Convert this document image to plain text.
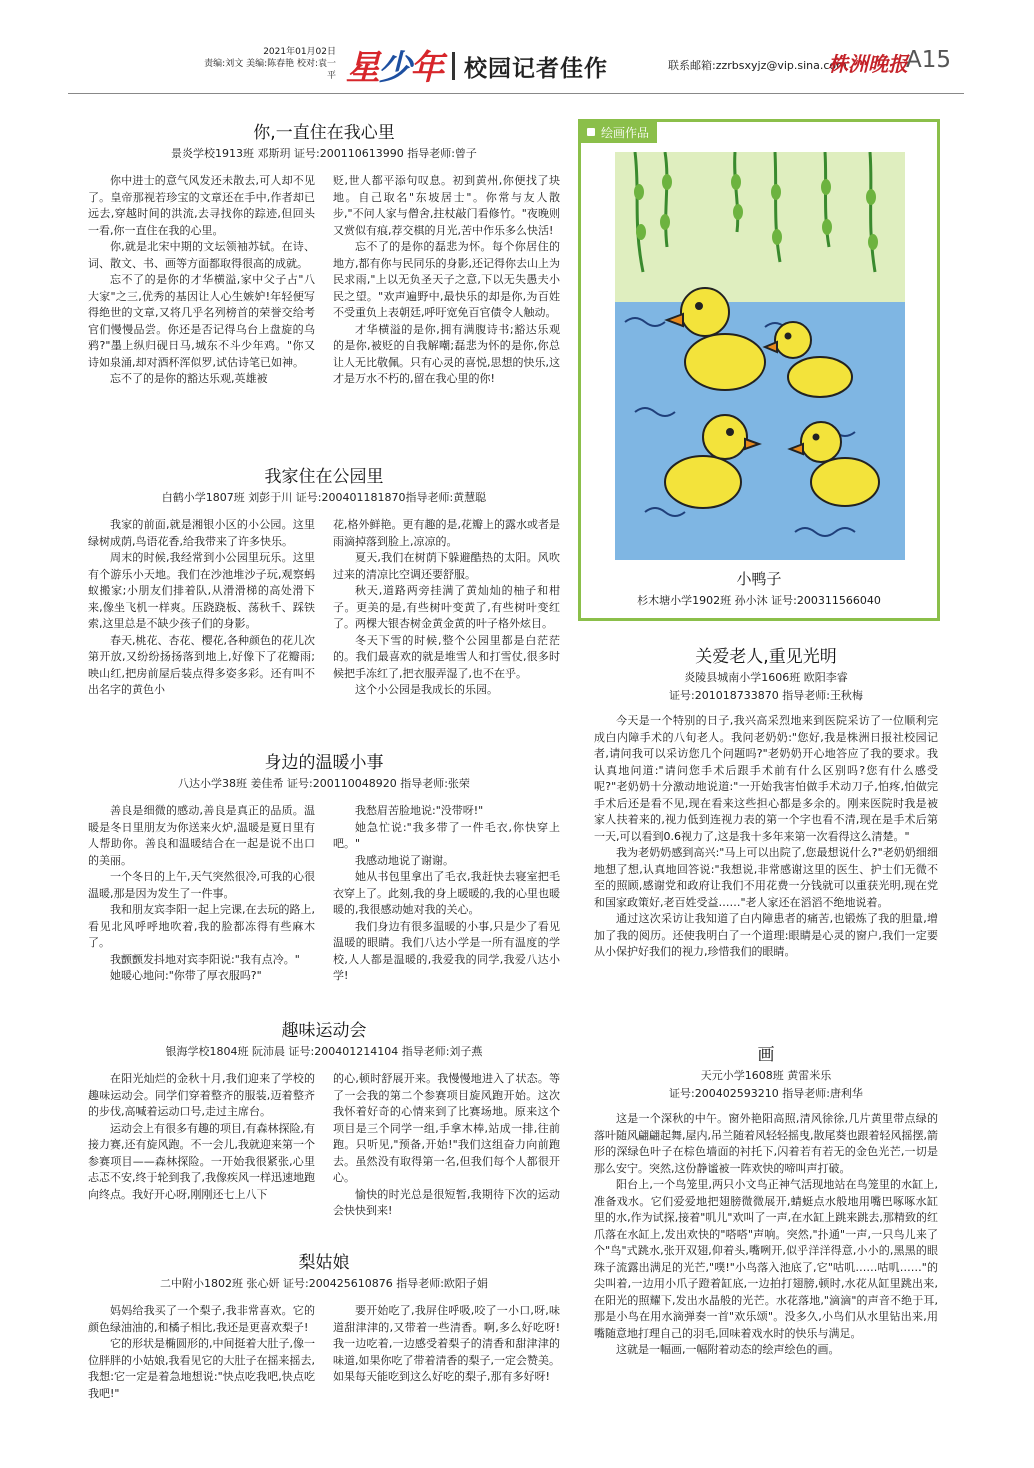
2021年01月02日
责编:刘文 美编:陈春艳 校对:袁一平 星少年 校园记者佳作	联系邮箱:zzrbsxyjz@vip.sina.com
株洲晚报
A15
你,一直住在我心里
景炎学校1913班 邓斯玥 证号:200110613990 指导老师:曾子

你中进士的意气风发还未散去,可人却不见了。皇帝那视若珍宝的文章还在手中,作者却已远去,穿越时间的洪流,去寻找你的踪迹,但回头一看,你一直住在我的心里。

你,就是北宋中期的文坛领袖苏轼。在诗、词、散文、书、画等方面都取得很高的成就。

忘不了的是你的才华横溢,家中父子占"八大家"之三,优秀的基因让人心生嫉妒!年轻便写得绝世的文章,又将几乎名列榜首的荣誉交给考官们慢慢品尝。你还是否记得乌台上盘旋的乌鸦?"墨上纵归砚日马,城东不斗少年鸡。"你又诗如泉涌,却对酒杯浑似罗,试估诗笔已如神。

忘不了的是你的豁达乐观,英雄被

贬,世人都平添句叹息。初到黄州,你便找了块地。自己取名"东坡居士"。你常与友人散步,"不问人家与僧舍,拄杖敲门看修竹。"夜晚则又赏似有痕,荐交棋的月光,苦中作乐多么快活!

忘不了的是你的磊悲为怀。每个你居住的地方,都有你与民同乐的身影,还记得你去山上为民求雨,"上以无负圣天子之意,下以无失愚夫小民之望。"欢声遍野中,最快乐的却是你,为百姓不受重负上表朝廷,呼吁宽免百官债令人触动。

才华横溢的是你,拥有满腹诗书;豁达乐观的是你,被贬的自我解嘲;磊悲为怀的是你,你总让人无比敬佩。只有心灵的喜悦,思想的快乐,这才是万水不朽的,留在我心里的你!

我家住在公园里
白鹤小学1807班 刘彭于川 证号:200401181870指导老师:黄慧聪

我家的前面,就是湘银小区的小公园。这里绿树成荫,鸟语花香,给我带来了许多快乐。

周末的时候,我经常到小公园里玩乐。这里有个游乐小天地。我们在沙池堆沙子玩,观察蚂蚁搬家;小朋友们排着队,从滑滑梯的高处滑下来,像坐飞机一样爽。压跷跷板、荡秋千、踩铁索,这里总是不缺少孩子们的身影。

春天,桃花、杏花、樱花,各种颜色的花儿次第开放,又纷纷扬扬落到地上,好像下了花瓣雨;映山红,把房前屋后装点得多姿多彩。还有叫不出名字的黄色小

花,格外鲜艳。更有趣的是,花瓣上的露水或者是雨滴掉落到脸上,凉凉的。

夏天,我们在树荫下躲避酷热的太阳。风吹过来的清凉比空调还要舒服。

秋天,道路两旁挂满了黄灿灿的柚子和柑子。更美的是,有些树叶变黄了,有些树叶变红了。两棵大银杏树金黄金黄的叶子格外炫目。

冬天下雪的时候,整个公园里都是白茫茫的。我们最喜欢的就是堆雪人和打雪仗,很多时候把手冻红了,把衣服弄湿了,也不在乎。

这个小公园是我成长的乐园。

身边的温暖小事
八达小学38班 姜佳希 证号:200110048920 指导老师:张荣

善良是细微的感动,善良是真正的品质。温暖是冬日里朋友为你送来火炉,温暖是夏日里有人帮助你。善良和温暖结合在一起是说不出口的美丽。

一个冬日的上午,天气突然很冷,可我的心很温暖,那是因为发生了一件事。

我和朋友宾李阳一起上完课,在去玩的路上,看见北风呼呼地吹着,我的脸都冻得有些麻木了。

我颤颤发抖地对宾李阳说:"我有点冷。"

她暖心地问:"你带了厚衣服吗?"

我愁眉苦脸地说:"没带呀!"

她急忙说:"我多带了一件毛衣,你快穿上吧。"

我感动地说了谢谢。

她从书包里拿出了毛衣,我赶快去寝室把毛衣穿上了。此刻,我的身上暖暖的,我的心里也暖暖的,我很感动她对我的关心。

我们身边有很多温暖的小事,只是少了看见温暖的眼睛。我们八达小学是一所有温度的学校,人人都是温暖的,我爱我的同学,我爱八达小学!

趣味运动会
银海学校1804班 阮沛晨 证号:200401214104 指导老师:刘子燕

在阳光灿烂的金秋十月,我们迎来了学校的趣味运动会。同学们穿着整齐的服装,迈着整齐的步伐,高喊着运动口号,走过主席台。

运动会上有很多有趣的项目,有森林探险,有接力赛,还有旋风跑。不一会儿,我就迎来第一个参赛项目——森林探险。一开始我很紧张,心里忐忑不安,终于轮到我了,我像疾风一样迅速地跑向终点。我好开心呀,刚刚还七上八下

的心,顿时舒展开来。我慢慢地进入了状态。等了一会我的第二个参赛项目旋风跑开始。这次我怀着好奇的心情来到了比赛场地。原来这个项目是三个同学一组,手拿木棒,站成一排,往前跑。只听见,"预备,开始!"我们这组奋力向前跑去。虽然没有取得第一名,但我们每个人都很开心。

愉快的时光总是很短暂,我期待下次的运动会快快到来!

梨姑娘
二中附小1802班 张心妍 证号:200425610876 指导老师:欧阳子娟

妈妈给我买了一个梨子,我非常喜欢。它的颜色绿油油的,和橘子相比,我还是更喜欢梨子!

它的形状是椭圆形的,中间挺着大肚子,像一位胖胖的小姑娘,我看见它的大肚子在摇来摇去,我想:它一定是着急地想说:"快点吃我吧,快点吃我吧!"

要开始吃了,我屏住呼吸,咬了一小口,呀,味道甜津津的,又带着一些清香。啊,多么好吃呀!我一边吃着,一边感受着梨子的清香和甜津津的味道,如果你吃了带着清香的梨子,一定会赞美。如果每天能吃到这么好吃的梨子,那有多好呀!

绘画作品
小鸭子
杉木塘小学1902班 孙小沐 证号:200311566040
关爱老人,重见光明
炎陵县城南小学1606班 欧阳李睿
证号:201018733870 指导老师:王秋梅

今天是一个特别的日子,我兴高采烈地来到医院采访了一位顺利完成白内障手术的八旬老人。我问老奶奶:"您好,我是株洲日报社校园记者,请问我可以采访您几个问题吗?"老奶奶开心地答应了我的要求。我认真地问道:"请问您手术后跟手术前有什么区别吗?您有什么感受呢?"老奶奶十分激动地说道:"一开始我害怕做手术动刀子,怕疼,怕做完手术后还是看不见,现在看来这些担心都是多余的。刚来医院时我是被家人扶着来的,视力低到连视力表的第一个字也看不清,现在是手术后第一天,可以看到0.6视力了,这是我十多年来第一次看得这么清楚。"

我为老奶奶感到高兴:"马上可以出院了,您最想说什么?"老奶奶细细地想了想,认真地回答说:"我想说,非常感谢这里的医生、护士们无微不至的照顾,感谢党和政府让我们不用花费一分钱就可以重获光明,现在党和国家政策好,老百姓受益……"老人家还在滔滔不绝地说着。

通过这次采访让我知道了白内障患者的痛苦,也锻炼了我的胆量,增加了我的阅历。还使我明白了一个道理:眼睛是心灵的窗户,我们一定要从小保护好我们的视力,珍惜我们的眼睛。

画
天元小学1608班 黄雷米乐
证号:200402593210 指导老师:唐利华

这是一个深秋的中午。窗外艳阳高照,清风徐徐,几片黄里带点绿的落叶随风翩翩起舞,屋内,吊兰随着风轻轻摇曳,散尾葵也跟着轻风摇摆,箭形的深绿色叶子在棕色墙面的衬托下,闪着若有若无的金色光芒,一切是那么安宁。突然,这份静谧被一阵欢快的啼叫声打破。

阳台上,一个鸟笼里,两只小文鸟正神气活现地站在鸟笼里的水缸上,准备戏水。它们爱爱地把翅膀微微展开,蜻蜓点水般地用嘴巴啄啄水缸里的水,作为试探,接着"叽儿"欢叫了一声,在水缸上跳来跳去,那精致的红爪落在水缸上,发出欢快的"嗒嗒"声响。突然,"扑通"一声,一只鸟儿来了个"鸟"式跳水,张开双翅,仰着头,嘴咧开,似乎洋洋得意,小小的,黑黑的眼珠子流露出满足的光芒,"噗!"小鸟落入池底了,它"咕叽……咕叽……"的尖叫着,一边用小爪子蹬着缸底,一边拍打翅膀,顿时,水花从缸里跳出来,在阳光的照耀下,发出水晶般的光芒。水花落地,"滴滴"的声音不绝于耳,那是小鸟在用水滴弹奏一首"欢乐颂"。没多久,小鸟们从水里钻出来,用嘴随意地打理自己的羽毛,回味着戏水时的快乐与满足。

这就是一幅画,一幅附着动态的绘声绘色的画。
